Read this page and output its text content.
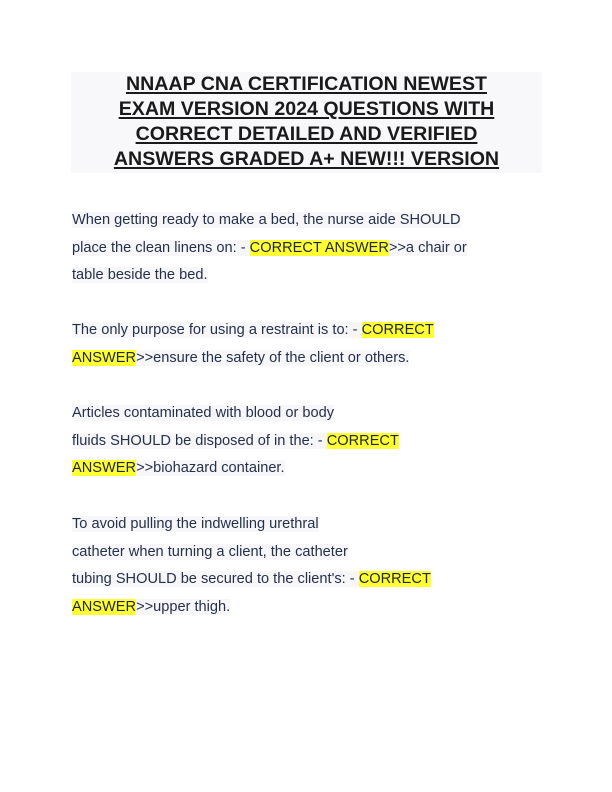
NNAAP CNA CERTIFICATION NEWEST
EXAM VERSION 2024 QUESTIONS WITH
CORRECT DETAILED AND VERIFIED
ANSWERS GRADED A+ NEW!!! VERSION
When getting ready to make a bed, the nurse aide SHOULD
place the clean linens on: - CORRECT ANSWER>>a chair or
table beside the bed.
The only purpose for using a restraint is to: - CORRECT
ANSWER>>ensure the safety of the client or others.
Articles contaminated with blood or body
fluids SHOULD be disposed of in the: - CORRECT
ANSWER>>biohazard container.
To avoid pulling the indwelling urethral
catheter when turning a client, the catheter
tubing SHOULD be secured to the client's: - CORRECT
ANSWER>>upper thigh.
